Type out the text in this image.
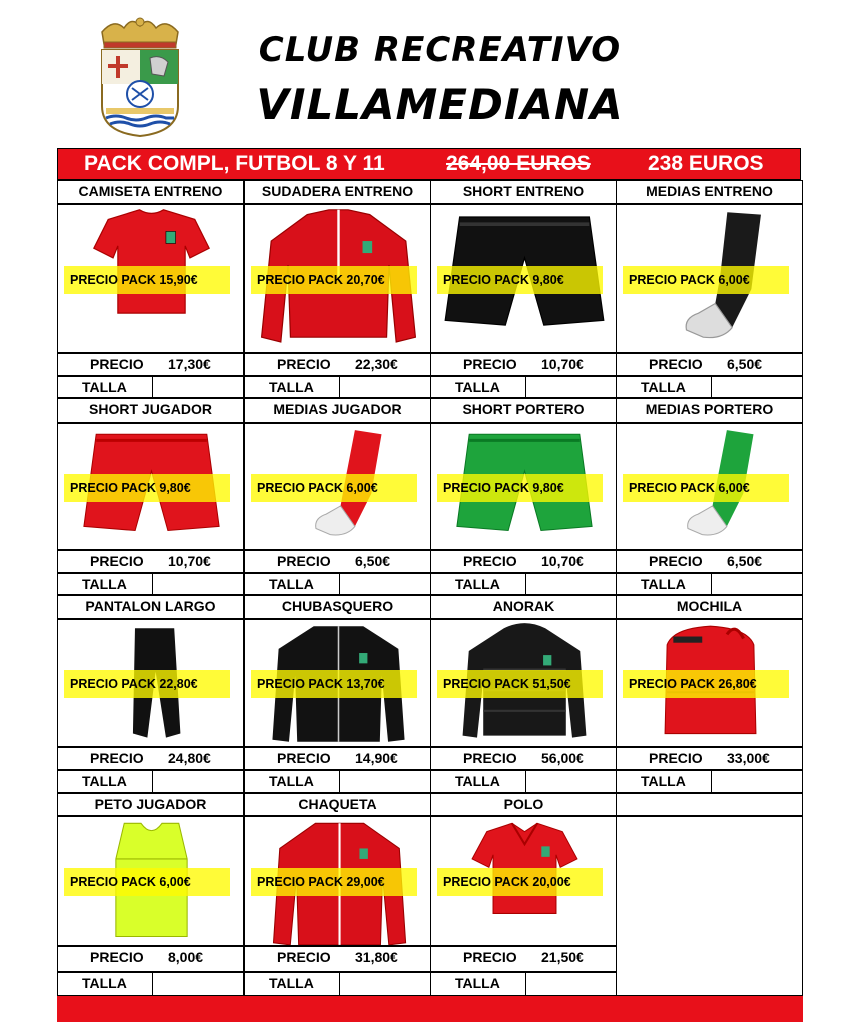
CLUB RECREATIVO
VILLAMEDIANA
PACK COMPL, FUTBOL 8 Y 11	264,00 EUROS	238 EUROS
CAMISETA ENTRENO
PRECIO PACK 15,90€
PRECIO 17,30€
TALLA
SUDADERA ENTRENO
PRECIO PACK 20,70€
PRECIO 22,30€
TALLA
SHORT ENTRENO
PRECIO PACK 9,80€
PRECIO 10,70€
TALLA
MEDIAS ENTRENO
PRECIO PACK 6,00€
PRECIO 6,50€
TALLA
SHORT JUGADOR
PRECIO PACK 9,80€
PRECIO 10,70€
TALLA
MEDIAS JUGADOR
PRECIO PACK 6,00€
PRECIO 6,50€
TALLA
SHORT PORTERO
PRECIO PACK 9,80€
PRECIO 10,70€
TALLA
MEDIAS PORTERO
PRECIO PACK 6,00€
PRECIO 6,50€
TALLA
PANTALON LARGO
PRECIO PACK 22,80€
PRECIO 24,80€
TALLA
CHUBASQUERO
PRECIO PACK 13,70€
PRECIO 14,90€
TALLA
ANORAK
PRECIO PACK 51,50€
PRECIO 56,00€
TALLA
MOCHILA
PRECIO PACK 26,80€
PRECIO 33,00€
TALLA
PETO JUGADOR
PRECIO PACK 6,00€
PRECIO 8,00€
TALLA
CHAQUETA
PRECIO PACK 29,00€
PRECIO 31,80€
TALLA
POLO
PRECIO PACK 20,00€
PRECIO 21,50€
TALLA
